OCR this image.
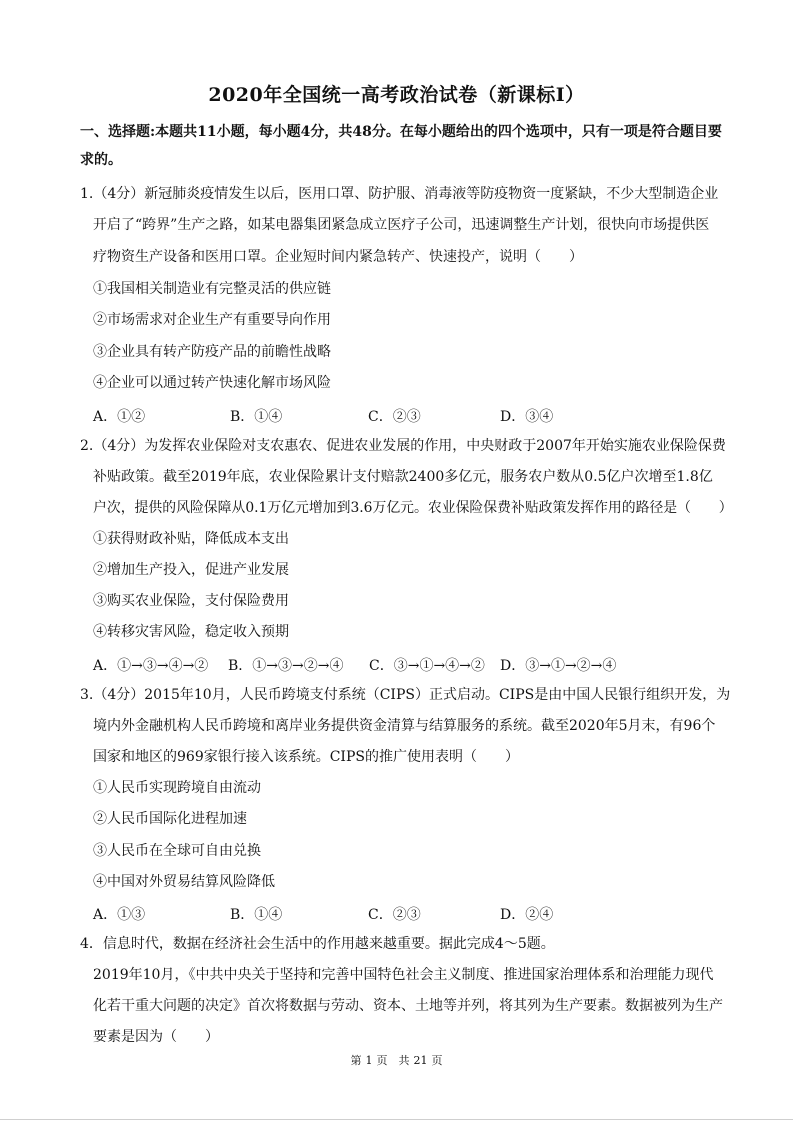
2020年全国统一高考政治试卷（新课标Ⅰ）
一、选择题:本题共11小题，每小题4分，共48分。在每小题给出的四个选项中，只有一项是符合题目要
求的。
1.（4分）新冠肺炎疫情发生以后，医用口罩、防护服、消毒液等防疫物资一度紧缺，不少大型制造企业
开启了“跨界”生产之路，如某电器集团紧急成立医疗子公司，迅速调整生产计划，很快向市场提供医
疗物资生产设备和医用口罩。企业短时间内紧急转产、快速投产，说明（　　）
①我国相关制造业有完整灵活的供应链
②市场需求对企业生产有重要导向作用
③企业具有转产防疫产品的前瞻性战略
④企业可以通过转产快速化解市场风险
A．①②	B．①④	C．②③	D．③④
2.（4分）为发挥农业保险对支农惠农、促进农业发展的作用，中央财政于2007年开始实施农业保险保费
补贴政策。截至2019年底，农业保险累计支付赔款2400多亿元，服务农户数从0.5亿户次增至1.8亿
户次，提供的风险保障从0.1万亿元增加到3.6万亿元。农业保险保费补贴政策发挥作用的路径是（　　）
①获得财政补贴，降低成本支出
②增加生产投入，促进产业发展
③购买农业保险，支付保险费用
④转移灾害风险，稳定收入预期
A．①→③→④→② B．①→③→②→④ C．③→①→④→② D．③→①→②→④
3.（4分）2015年10月，人民币跨境支付系统（CIPS）正式启动。CIPS是由中国人民银行组织开发，为
境内外金融机构人民币跨境和离岸业务提供资金清算与结算服务的系统。截至2020年5月末，有96个
国家和地区的969家银行接入该系统。CIPS的推广使用表明（　　）
①人民币实现跨境自由流动
②人民币国际化进程加速
③人民币在全球可自由兑换
④中国对外贸易结算风险降低
A．①③	B．①④	C．②③	D．②④
4．信息时代，数据在经济社会生活中的作用越来越重要。据此完成4～5题。
2019年10月，《中共中央关于坚持和完善中国特色社会主义制度、推进国家治理体系和治理能力现代
化若干重大问题的决定》首次将数据与劳动、资本、土地等并列，将其列为生产要素。数据被列为生产
要素是因为（　　）
第 1 页　共 21 页
